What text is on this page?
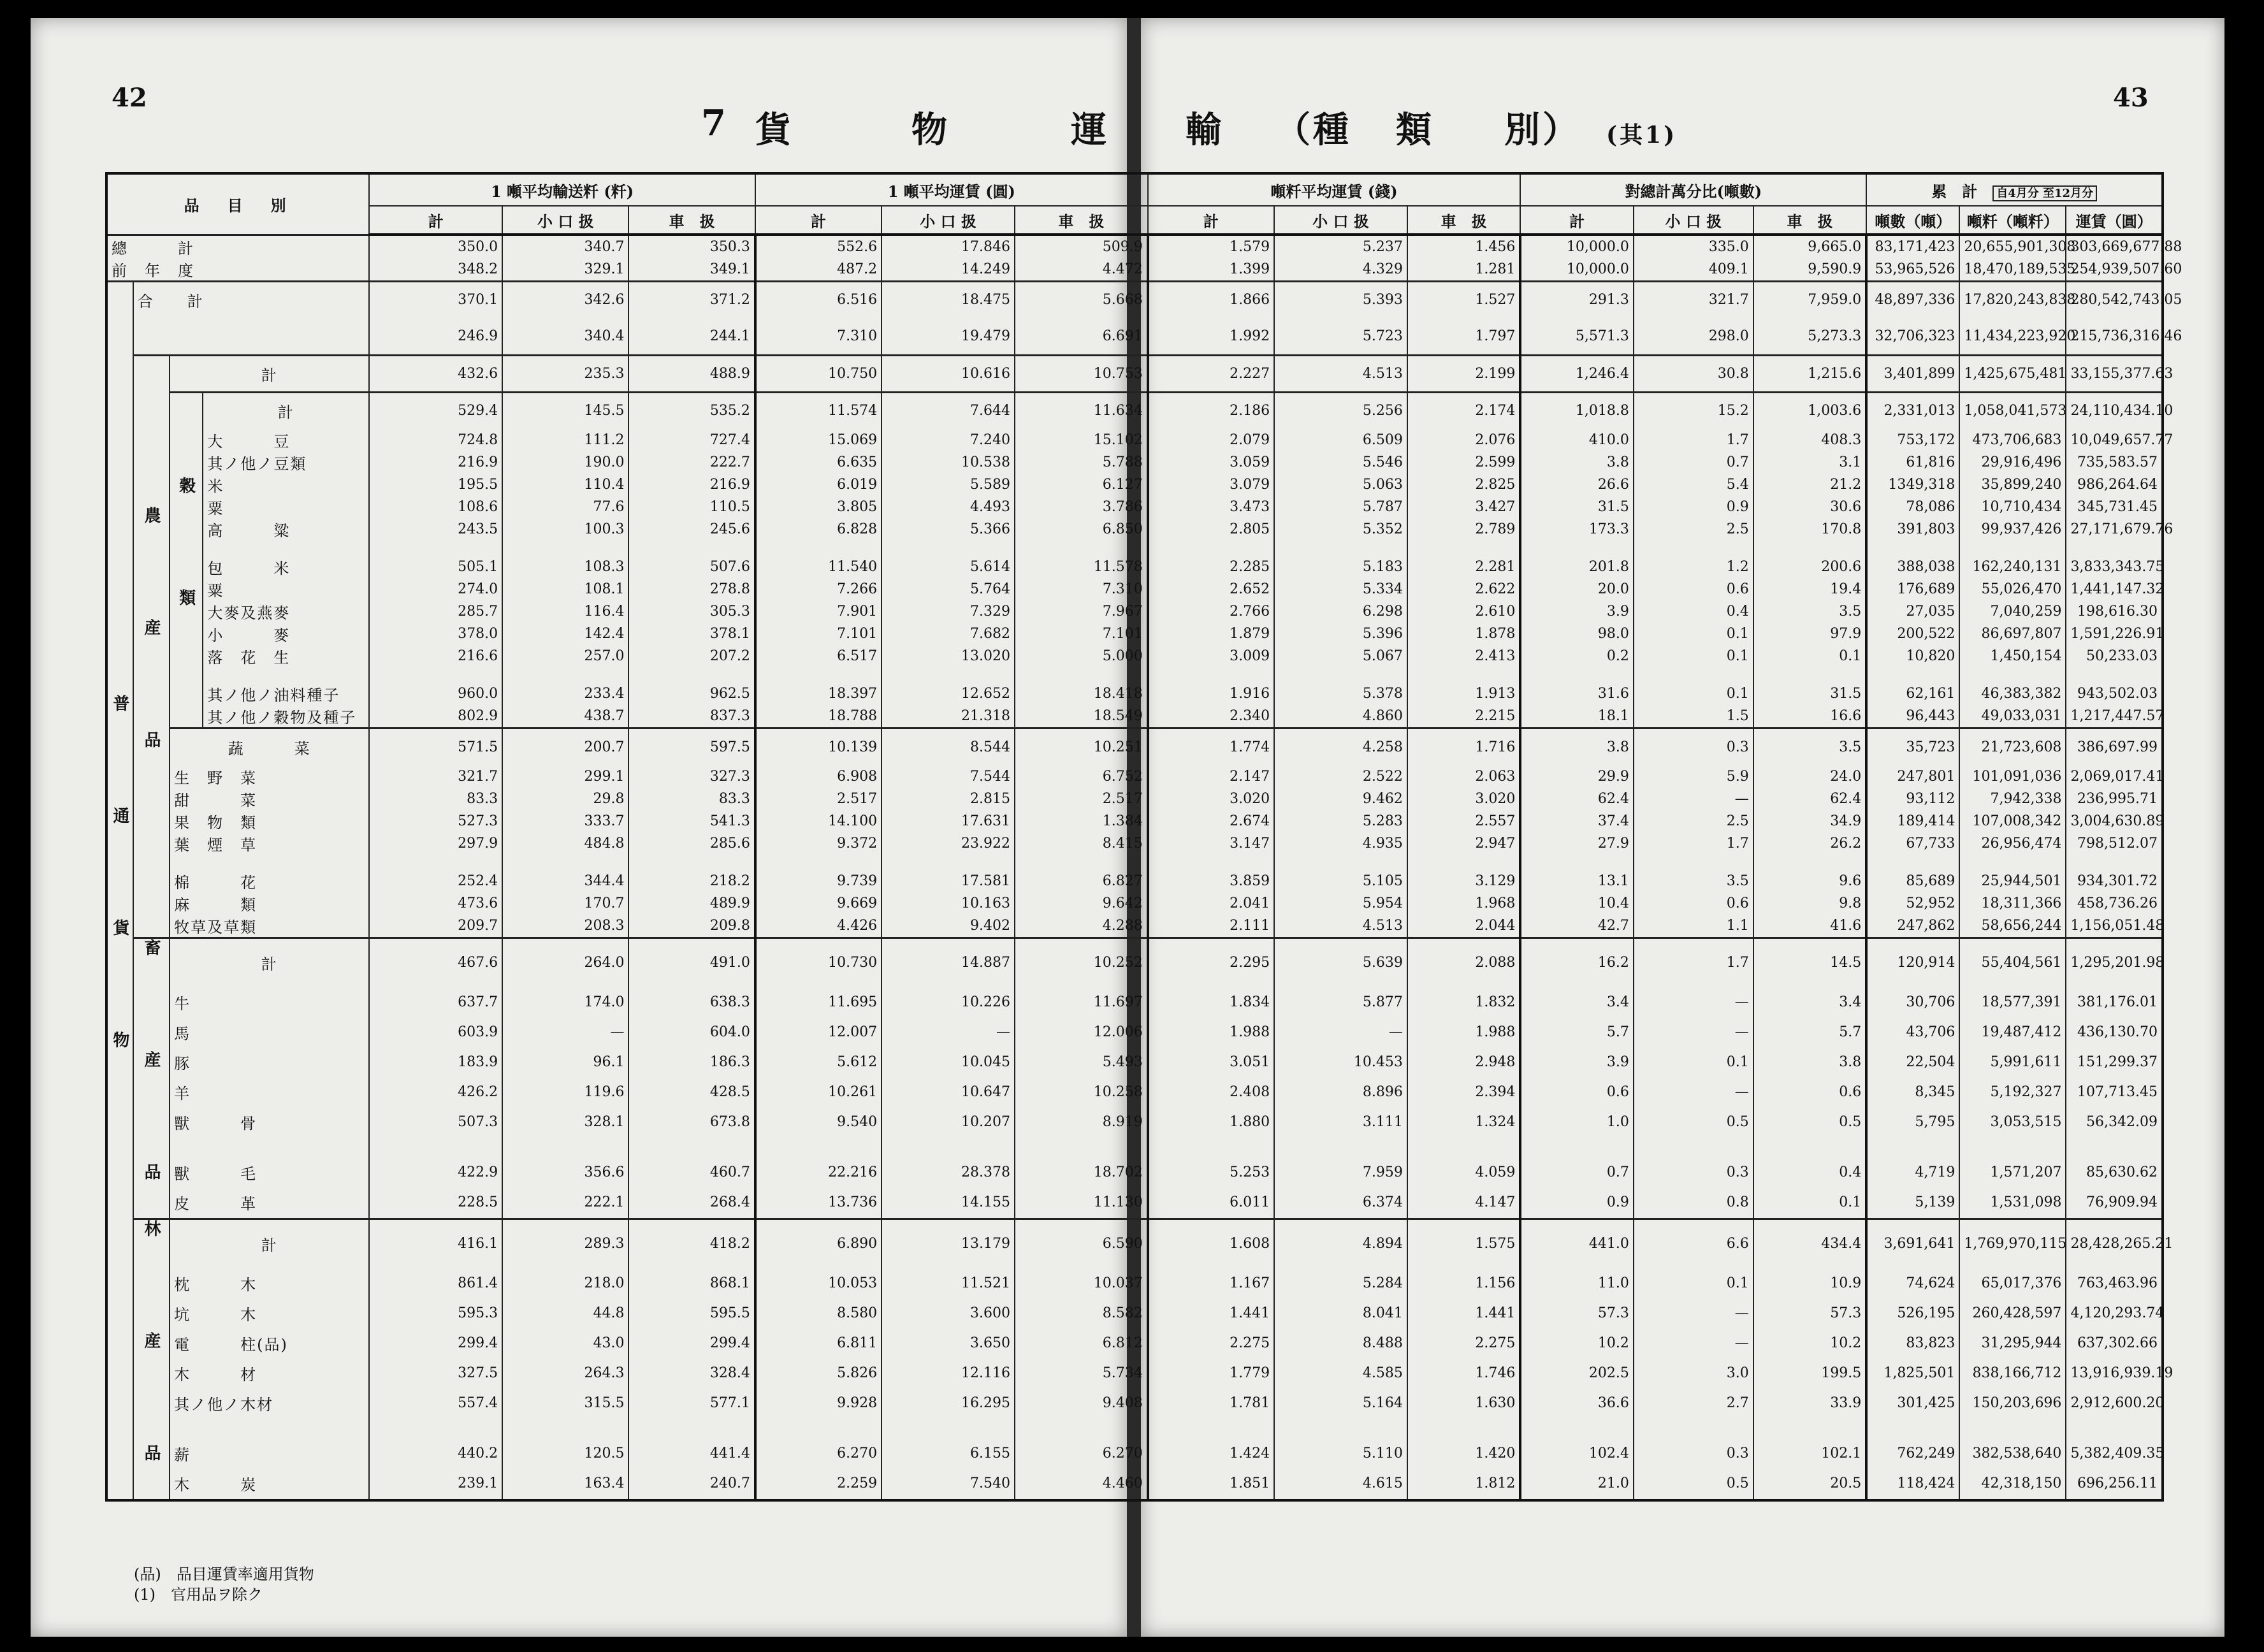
42	43
7 貨	物	運 輸 （種 類 別） (其1)
品　目　別				1 噸平均輸送粁 (粁)			1 噸平均運賃 (圓)			噸粁平均運賃 (錢)			對總計萬分比(噸數)			累　計　 自4月分 至12月分		
				計	小 口 扱	車　扱	計	小 口 扱	車　扱	計	小 口 扱	車　扱	計	小 口 扱	車　扱	噸數（噸）	噸粁（噸粁）	運賃（圓）
總　　　計				350.0	340.7	350.3	552.6	17.846	509.9	1.579	5.237	1.456	10,000.0	335.0	9,665.0	83,171,423	20,655,901,308	303,669,677.88
前　年　度				348.2	329.1	349.1	487.2	14.249	4.472	1.399	4.329	1.281	10,000.0	409.1	9,590.9	53,965,526	18,470,189,535	254,939,507.60
普 通 貨 物	合　　計			370.1	342.6	371.2	6.516	18.475	5.668	1.866	5.393	1.527	291.3	321.7	7,959.0	48,897,336	17,820,243,838	280,542,743.05
				246.9	340.4	244.1	7.310	19.479	6.691	1.992	5.723	1.797	5,571.3	298.0	5,273.3	32,706,323	11,434,223,920	215,736,316.46
	農 産 品	計		432.6	235.3	488.9	10.750	10.616	10.753	2.227	4.513	2.199	1,246.4	30.8	1,215.6	3,401,899	1,425,675,481	33,155,377.63
		穀 類	計	529.4	145.5	535.2	11.574	7.644	11.634	2.186	5.256	2.174	1,018.8	15.2	1,003.6	2,331,013	1,058,041,573	24,110,434.10
			大　　　豆	724.8	111.2	727.4	15.069	7.240	15.102	2.079	6.509	2.076	410.0	1.7	408.3	753,172	473,706,683	10,049,657.77
			其ノ他ノ豆類	216.9	190.0	222.7	6.635	10.538	5.788	3.059	5.546	2.599	3.8	0.7	3.1	61,816	29,916,496	735,583.57
			米	195.5	110.4	216.9	6.019	5.589	6.127	3.079	5.063	2.825	26.6	5.4	21.2	1349,318	35,899,240	986,264.64
			粟	108.6	77.6	110.5	3.805	4.493	3.786	3.473	5.787	3.427	31.5	0.9	30.6	78,086	10,710,434	345,731.45
			高　　　粱	243.5	100.3	245.6	6.828	5.366	6.850	2.805	5.352	2.789	173.3	2.5	170.8	391,803	99,937,426	27,171,679.76

			包　　　米	505.1	108.3	507.6	11.540	5.614	11.578	2.285	5.183	2.281	201.8	1.2	200.6	388,038	162,240,131	3,833,343.75
			粟	274.0	108.1	278.8	7.266	5.764	7.310	2.652	5.334	2.622	20.0	0.6	19.4	176,689	55,026,470	1,441,147.32
			大麥及燕麥	285.7	116.4	305.3	7.901	7.329	7.967	2.766	6.298	2.610	3.9	0.4	3.5	27,035	7,040,259	198,616.30
			小　　　麥	378.0	142.4	378.1	7.101	7.682	7.101	1.879	5.396	1.878	98.0	0.1	97.9	200,522	86,697,807	1,591,226.91
			落　花　生	216.6	257.0	207.2	6.517	13.020	5.000	3.009	5.067	2.413	0.2	0.1	0.1	10,820	1,450,154	50,233.03

			其ノ他ノ油料種子	960.0	233.4	962.5	18.397	12.652	18.418	1.916	5.378	1.913	31.6	0.1	31.5	62,161	46,383,382	943,502.03
			其ノ他ノ穀物及種子	802.9	438.7	837.3	18.788	21.318	18.549	2.340	4.860	2.215	18.1	1.5	16.6	96,443	49,033,031	1,217,447.57
		蔬　　　菜		571.5	200.7	597.5	10.139	8.544	10.251	1.774	4.258	1.716	3.8	0.3	3.5	35,723	21,723,608	386,697.99
		生　野　菜		321.7	299.1	327.3	6.908	7.544	6.752	2.147	2.522	2.063	29.9	5.9	24.0	247,801	101,091,036	2,069,017.41
		甜　　　菜		83.3	29.8	83.3	2.517	2.815	2.517	3.020	9.462	3.020	62.4	—	62.4	93,112	7,942,338	236,995.71
		果　物　類		527.3	333.7	541.3	14.100	17.631	1.384	2.674	5.283	2.557	37.4	2.5	34.9	189,414	107,008,342	3,004,630.89
		葉　煙　草		297.9	484.8	285.6	9.372	23.922	8.415	3.147	4.935	2.947	27.9	1.7	26.2	67,733	26,956,474	798,512.07

		棉　　　花		252.4	344.4	218.2	9.739	17.581	6.827	3.859	5.105	3.129	13.1	3.5	9.6	85,689	25,944,501	934,301.72
		麻　　　類		473.6	170.7	489.9	9.669	10.163	9.642	2.041	5.954	1.968	10.4	0.6	9.8	52,952	18,311,366	458,736.26
		牧草及草類		209.7	208.3	209.8	4.426	9.402	4.288	2.111	4.513	2.044	42.7	1.1	41.6	247,862	58,656,244	1,156,051.48
	畜 産 品	計		467.6	264.0	491.0	10.730	14.887	10.252	2.295	5.639	2.088	16.2	1.7	14.5	120,914	55,404,561	1,295,201.98
		牛		637.7	174.0	638.3	11.695	10.226	11.697	1.834	5.877	1.832	3.4	—	3.4	30,706	18,577,391	381,176.01
		馬		603.9	—	604.0	12.007	—	12.006	1.988	—	1.988	5.7	—	5.7	43,706	19,487,412	436,130.70
		豚		183.9	96.1	186.3	5.612	10.045	5.493	3.051	10.453	2.948	3.9	0.1	3.8	22,504	5,991,611	151,299.37
		羊		426.2	119.6	428.5	10.261	10.647	10.258	2.408	8.896	2.394	0.6	—	0.6	8,345	5,192,327	107,713.45
		獸　　　骨		507.3	328.1	673.8	9.540	10.207	8.919	1.880	3.111	1.324	1.0	0.5	0.5	5,795	3,053,515	56,342.09

		獸　　　毛		422.9	356.6	460.7	22.216	28.378	18.702	5.253	7.959	4.059	0.7	0.3	0.4	4,719	1,571,207	85,630.62
		皮　　　革		228.5	222.1	268.4	13.736	14.155	11.130	6.011	6.374	4.147	0.9	0.8	0.1	5,139	1,531,098	76,909.94
	林 産 品	計		416.1	289.3	418.2	6.890	13.179	6.590	1.608	4.894	1.575	441.0	6.6	434.4	3,691,641	1,769,970,115	28,428,265.21
		枕　　　木		861.4	218.0	868.1	10.053	11.521	10.037	1.167	5.284	1.156	11.0	0.1	10.9	74,624	65,017,376	763,463.96
		坑　　　木		595.3	44.8	595.5	8.580	3.600	8.582	1.441	8.041	1.441	57.3	—	57.3	526,195	260,428,597	4,120,293.74
		電　　　柱(品)		299.4	43.0	299.4	6.811	3.650	6.812	2.275	8.488	2.275	10.2	—	10.2	83,823	31,295,944	637,302.66
		木　　　材		327.5	264.3	328.4	5.826	12.116	5.734	1.779	4.585	1.746	202.5	3.0	199.5	1,825,501	838,166,712	13,916,939.19
		其ノ他ノ木材		557.4	315.5	577.1	9.928	16.295	9.408	1.781	5.164	1.630	36.6	2.7	33.9	301,425	150,203,696	2,912,600.20

		薪		440.2	120.5	441.4	6.270	6.155	6.270	1.424	5.110	1.420	102.4	0.3	102.1	762,249	382,538,640	5,382,409.35
		木　　　炭		239.1	163.4	240.7	2.259	7.540	4.460	1.851	4.615	1.812	21.0	0.5	20.5	118,424	42,318,150	696,256.11
(品)　品目運賃率適用貨物
(1)　官用品ヲ除ク
